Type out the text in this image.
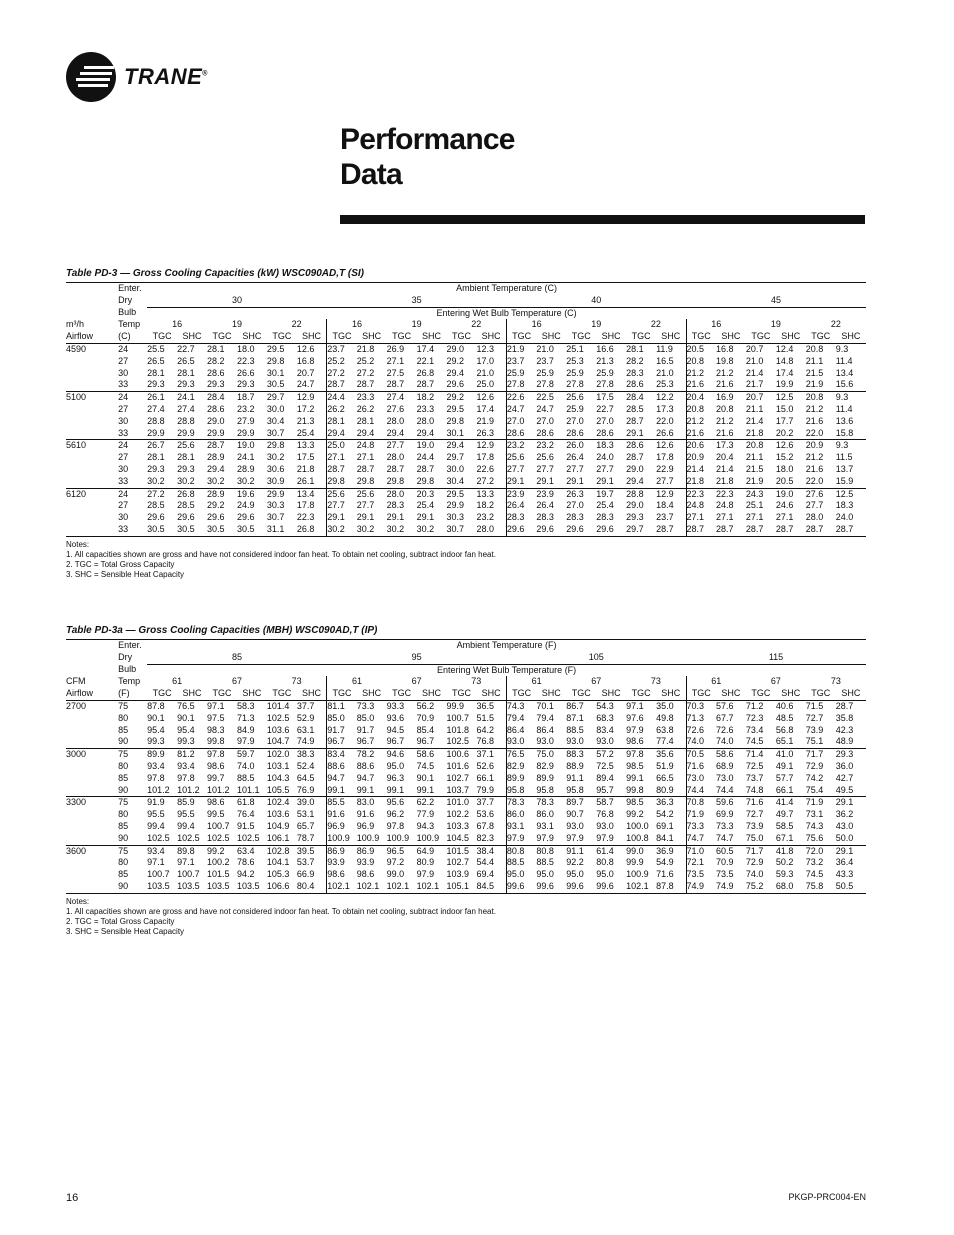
TRANE®
Performance
Data
Table PD-3 — Gross Cooling Capacities (kW) WSC090AD,T (SI)
	Enter.	Ambient Temperature (C)																							
	Dry	30						35						40						45					
	Bulb	Entering Wet Bulb Temperature (C)																							
m³/h	Temp	16		19		22		16		19		22		16		19		22		16		19		22	
Airflow	(C)	TGC	SHC	TGC	SHC	TGC	SHC	TGC	SHC	TGC	SHC	TGC	SHC	TGC	SHC	TGC	SHC	TGC	SHC	TGC	SHC	TGC	SHC	TGC	SHC
4590	24	25.5	22.7	28.1	18.0	29.5	12.6	23.7	21.8	26.9	17.4	29.0	12.3	21.9	21.0	25.1	16.6	28.1	11.9	20.5	16.8	20.7	12.4	20.8	9.3
	27	26.5	26.5	28.2	22.3	29.8	16.8	25.2	25.2	27.1	22.1	29.2	17.0	23.7	23.7	25.3	21.3	28.2	16.5	20.8	19.8	21.0	14.8	21.1	11.4
	30	28.1	28.1	28.6	26.6	30.1	20.7	27.2	27.2	27.5	26.8	29.4	21.0	25.9	25.9	25.9	25.9	28.3	21.0	21.2	21.2	21.4	17.4	21.5	13.4
	33	29.3	29.3	29.3	29.3	30.5	24.7	28.7	28.7	28.7	28.7	29.6	25.0	27.8	27.8	27.8	27.8	28.6	25.3	21.6	21.6	21.7	19.9	21.9	15.6
5100	24	26.1	24.1	28.4	18.7	29.7	12.9	24.4	23.3	27.4	18.2	29.2	12.6	22.6	22.5	25.6	17.5	28.4	12.2	20.4	16.9	20.7	12.5	20.8	9.3
	27	27.4	27.4	28.6	23.2	30.0	17.2	26.2	26.2	27.6	23.3	29.5	17.4	24.7	24.7	25.9	22.7	28.5	17.3	20.8	20.8	21.1	15.0	21.2	11.4
	30	28.8	28.8	29.0	27.9	30.4	21.3	28.1	28.1	28.0	28.0	29.8	21.9	27.0	27.0	27.0	27.0	28.7	22.0	21.2	21.2	21.4	17.7	21.6	13.6
	33	29.9	29.9	29.9	29.9	30.7	25.4	29.4	29.4	29.4	29.4	30.1	26.3	28.6	28.6	28.6	28.6	29.1	26.6	21.6	21.6	21.8	20.2	22.0	15.8
5610	24	26.7	25.6	28.7	19.0	29.8	13.3	25.0	24.8	27.7	19.0	29.4	12.9	23.2	23.2	26.0	18.3	28.6	12.6	20.6	17.3	20.8	12.6	20.9	9.3
	27	28.1	28.1	28.9	24.1	30.2	17.5	27.1	27.1	28.0	24.4	29.7	17.8	25.6	25.6	26.4	24.0	28.7	17.8	20.9	20.4	21.1	15.2	21.2	11.5
	30	29.3	29.3	29.4	28.9	30.6	21.8	28.7	28.7	28.7	28.7	30.0	22.6	27.7	27.7	27.7	27.7	29.0	22.9	21.4	21.4	21.5	18.0	21.6	13.7
	33	30.2	30.2	30.2	30.2	30.9	26.1	29.8	29.8	29.8	29.8	30.4	27.2	29.1	29.1	29.1	29.1	29.4	27.7	21.8	21.8	21.9	20.5	22.0	15.9
6120	24	27.2	26.8	28.9	19.6	29.9	13.4	25.6	25.6	28.0	20.3	29.5	13.3	23.9	23.9	26.3	19.7	28.8	12.9	22.3	22.3	24.3	19.0	27.6	12.5
	27	28.5	28.5	29.2	24.9	30.3	17.8	27.7	27.7	28.3	25.4	29.9	18.2	26.4	26.4	27.0	25.4	29.0	18.4	24.8	24.8	25.1	24.6	27.7	18.3
	30	29.6	29.6	29.6	29.6	30.7	22.3	29.1	29.1	29.1	29.1	30.3	23.2	28.3	28.3	28.3	28.3	29.3	23.7	27.1	27.1	27.1	27.1	28.0	24.0
	33	30.5	30.5	30.5	30.5	31.1	26.8	30.2	30.2	30.2	30.2	30.7	28.0	29.6	29.6	29.6	29.6	29.7	28.7	28.7	28.7	28.7	28.7	28.7	28.7

Notes:
1. All capacities shown are gross and have not considered indoor fan heat. To obtain net cooling, subtract indoor fan heat.
2. TGC = Total Gross Capacity
3. SHC = Sensible Heat Capacity
Table PD-3a — Gross Cooling Capacities (MBH) WSC090AD,T (IP)
	Enter.	Ambient Temperature (F)																							
	Dry	85						95						105						115					
	Bulb	Entering Wet Bulb Temperature (F)																							
CFM	Temp	61		67		73		61		67		73		61		67		73		61		67		73	
Airflow	(F)	TGC	SHC	TGC	SHC	TGC	SHC	TGC	SHC	TGC	SHC	TGC	SHC	TGC	SHC	TGC	SHC	TGC	SHC	TGC	SHC	TGC	SHC	TGC	SHC
2700	75	87.8	76.5	97.1	58.3	101.4	37.7	81.1	73.3	93.3	56.2	99.9	36.5	74.3	70.1	86.7	54.3	97.1	35.0	70.3	57.6	71.2	40.6	71.5	28.7
	80	90.1	90.1	97.5	71.3	102.5	52.9	85.0	85.0	93.6	70.9	100.7	51.5	79.4	79.4	87.1	68.3	97.6	49.8	71.3	67.7	72.3	48.5	72.7	35.8
	85	95.4	95.4	98.3	84.9	103.6	63.1	91.7	91.7	94.5	85.4	101.8	64.2	86.4	86.4	88.5	83.4	97.9	63.8	72.6	72.6	73.4	56.8	73.9	42.3
	90	99.3	99.3	99.8	97.9	104.7	74.9	96.7	96.7	96.7	96.7	102.5	76.8	93.0	93.0	93.0	93.0	98.6	77.4	74.0	74.0	74.5	65.1	75.1	48.9
3000	75	89.9	81.2	97.8	59.7	102.0	38.3	83.4	78.2	94.6	58.6	100.6	37.1	76.5	75.0	88.3	57.2	97.8	35.6	70.5	58.6	71.4	41.0	71.7	29.3
	80	93.4	93.4	98.6	74.0	103.1	52.4	88.6	88.6	95.0	74.5	101.6	52.6	82.9	82.9	88.9	72.5	98.5	51.9	71.6	68.9	72.5	49.1	72.9	36.0
	85	97.8	97.8	99.7	88.5	104.3	64.5	94.7	94.7	96.3	90.1	102.7	66.1	89.9	89.9	91.1	89.4	99.1	66.5	73.0	73.0	73.7	57.7	74.2	42.7
	90	101.2	101.2	101.2	101.1	105.5	76.9	99.1	99.1	99.1	99.1	103.7	79.9	95.8	95.8	95.8	95.7	99.8	80.9	74.4	74.4	74.8	66.1	75.4	49.5
3300	75	91.9	85.9	98.6	61.8	102.4	39.0	85.5	83.0	95.6	62.2	101.0	37.7	78.3	78.3	89.7	58.7	98.5	36.3	70.8	59.6	71.6	41.4	71.9	29.1
	80	95.5	95.5	99.5	76.4	103.6	53.1	91.6	91.6	96.2	77.9	102.2	53.6	86.0	86.0	90.7	76.8	99.2	54.2	71.9	69.9	72.7	49.7	73.1	36.2
	85	99.4	99.4	100.7	91.5	104.9	65.7	96.9	96.9	97.8	94.3	103.3	67.8	93.1	93.1	93.0	93.0	100.0	69.1	73.3	73.3	73.9	58.5	74.3	43.0
	90	102.5	102.5	102.5	102.5	106.1	78.7	100.9	100.9	100.9	100.9	104.5	82.3	97.9	97.9	97.9	97.9	100.8	84.1	74.7	74.7	75.0	67.1	75.6	50.0
3600	75	93.4	89.8	99.2	63.4	102.8	39.5	86.9	86.9	96.5	64.9	101.5	38.4	80.8	80.8	91.1	61.4	99.0	36.9	71.0	60.5	71.7	41.8	72.0	29.1
	80	97.1	97.1	100.2	78.6	104.1	53.7	93.9	93.9	97.2	80.9	102.7	54.4	88.5	88.5	92.2	80.8	99.9	54.9	72.1	70.9	72.9	50.2	73.2	36.4
	85	100.7	100.7	101.5	94.2	105.3	66.9	98.6	98.6	99.0	97.9	103.9	69.4	95.0	95.0	95.0	95.0	100.9	71.6	73.5	73.5	74.0	59.3	74.5	43.3
	90	103.5	103.5	103.5	103.5	106.6	80.4	102.1	102.1	102.1	102.1	105.1	84.5	99.6	99.6	99.6	99.6	102.1	87.8	74.9	74.9	75.2	68.0	75.8	50.5

Notes:
1. All capacities shown are gross and have not considered indoor fan heat. To obtain net cooling, subtract indoor fan heat.
2. TGC = Total Gross Capacity
3. SHC = Sensible Heat Capacity
16	PKGP-PRC004-EN
